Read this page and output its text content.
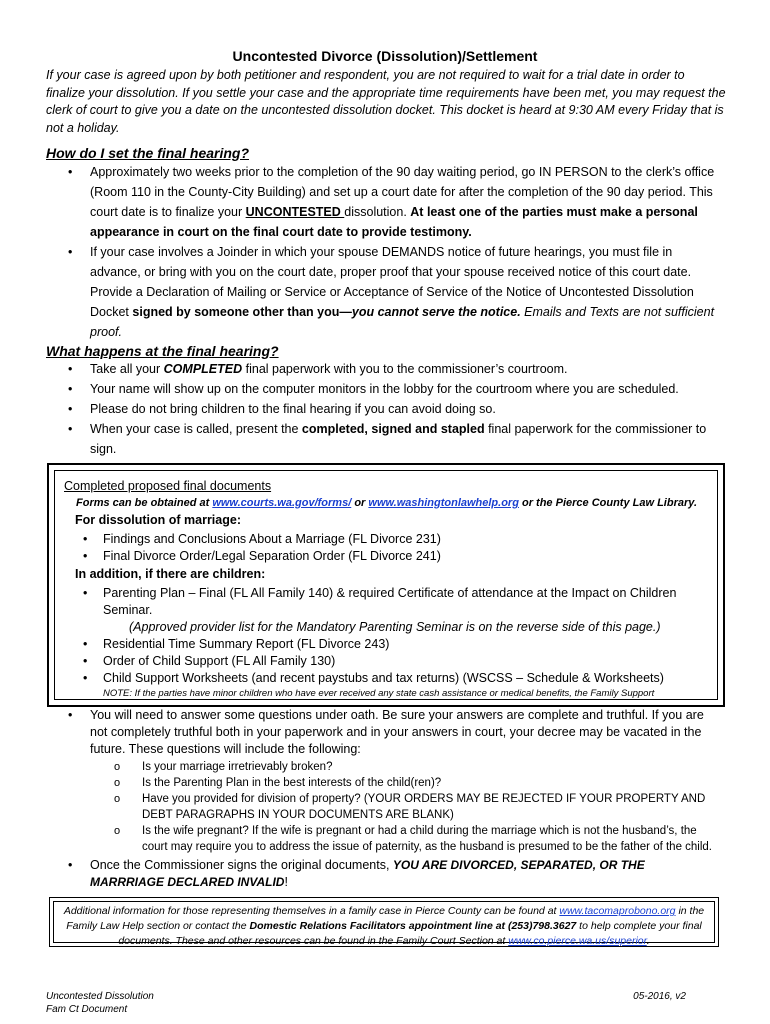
Uncontested Divorce (Dissolution)/Settlement
If your case is agreed upon by both petitioner and respondent, you are not required to wait for a trial date in order to finalize your dissolution. If you settle your case and the appropriate time requirements have been met, you may request the clerk of court to give you a date on the uncontested dissolution docket. This docket is heard at 9:30 AM every Friday that is not a holiday.
How do I set the final hearing?
• Approximately two weeks prior to the completion of the 90 day waiting period, go IN PERSON to the clerk’s office (Room 110 in the County-City Building) and set up a court date for after the completion of the 90 day period. This court date is to finalize your UNCONTESTED dissolution. At least one of the parties must make a personal appearance in court on the final court date to provide testimony.
• If your case involves a Joinder in which your spouse DEMANDS notice of future hearings, you must file in advance, or bring with you on the court date, proper proof that your spouse received notice of this court date. Provide a Declaration of Mailing or Service or Acceptance of Service of the Notice of Uncontested Dissolution Docket signed by someone other than you—you cannot serve the notice. Emails and Texts are not sufficient proof.
What happens at the final hearing?
• Take all your COMPLETED final paperwork with you to the commissioner’s courtroom.
• Your name will show up on the computer monitors in the lobby for the courtroom where you are scheduled.
• Please do not bring children to the final hearing if you can avoid doing so.
• When your case is called, present the completed, signed and stapled final paperwork for the commissioner to sign.
Completed proposed final documents
Forms can be obtained at www.courts.wa.gov/forms/ or www.washingtonlawhelp.org or the Pierce County Law Library.
For dissolution of marriage:
• Findings and Conclusions About a Marriage (FL Divorce 231)
• Final Divorce Order/Legal Separation Order (FL Divorce 241)
In addition, if there are children:
• Parenting Plan – Final (FL All Family 140) & required Certificate of attendance at the Impact on Children Seminar.
(Approved provider list for the Mandatory Parenting Seminar is on the reverse side of this page.)
• Residential Time Summary Report (FL Divorce 243)
• Order of Child Support (FL All Family 130)
• Child Support Worksheets (and recent paystubs and tax returns) (WSCSS – Schedule & Worksheets)
NOTE: If the parties have minor children who have ever received any state cash assistance or medical benefits, the Family Support
• You will need to answer some questions under oath. Be sure your answers are complete and truthful. If you are not completely truthful both in your paperwork and in your answers in court, your decree may be vacated in the future. These questions will include the following:
o Is your marriage irretrievably broken?
o Is the Parenting Plan in the best interests of the child(ren)?
o Have you provided for division of property? (YOUR ORDERS MAY BE REJECTED IF YOUR PROPERTY AND DEBT PARAGRAPHS IN YOUR DOCUMENTS ARE BLANK)
o Is the wife pregnant? If the wife is pregnant or had a child during the marriage which is not the husband’s, the court may require you to address the issue of paternity, as the husband is presumed to be the father of the child.
• Once the Commissioner signs the original documents, YOU ARE DIVORCED, SEPARATED, OR THE MARRRIAGE DECLARED INVALID!
Additional information for those representing themselves in a family case in Pierce County can be found at www.tacomaprobono.org in the Family Law Help section or contact the Domestic Relations Facilitators appointment line at (253)798.3627 to help complete your final documents. These and other resources can be found in the Family Court Section at www.co.pierce.wa.us/superior.
Uncontested Dissolution
Fam Ct Document
05-2016, v2
